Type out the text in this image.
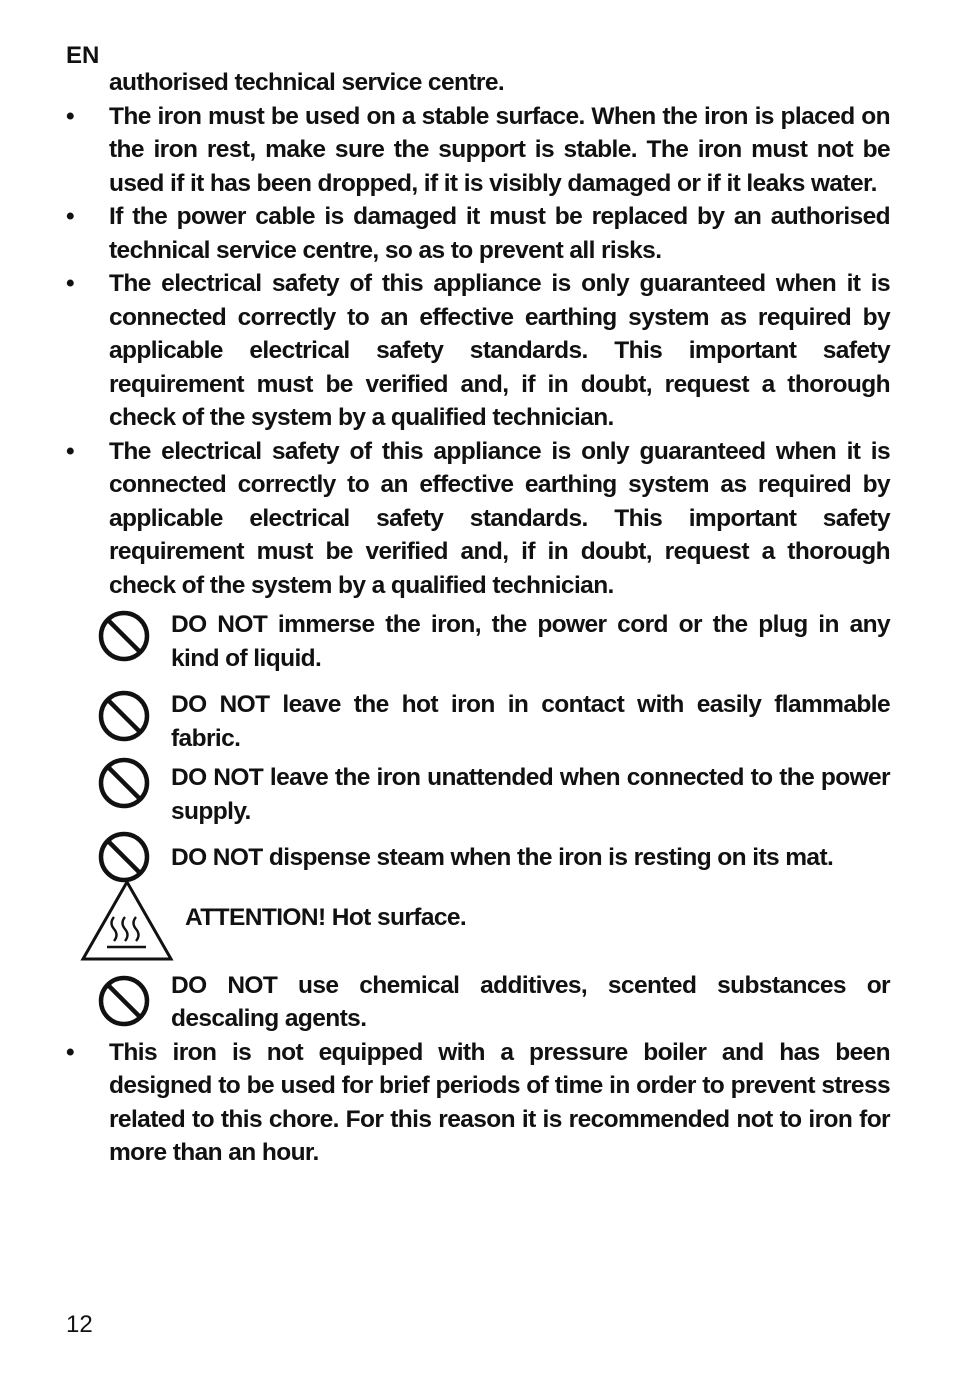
EN

authorised technical service centre.

• The iron must be used on a stable surface. When the iron is placed on the iron rest, make sure the support is stable. The iron must not be used if it has been dropped, if it is visibly damaged or if it leaks water.

• If the power cable is damaged it must be replaced by an authorised technical service centre, so as to prevent all risks.

• The electrical safety of this appliance is only guaranteed when it is connected correctly to an effective earthing system as required by applicable electrical safety standards. This important safety requirement must be verified and, if in doubt, request a thorough check of the system by a qualified technician.

• The electrical safety of this appliance is only guaranteed when it is connected correctly to an effective earthing system as required by applicable electrical safety standards. This important safety requirement must be verified and, if in doubt, request a thorough check of the system by a qualified technician.

DO NOT immerse the iron, the power cord or the plug in any kind of liquid.

DO NOT leave the hot iron in contact with easily flammable fabric.

DO NOT leave the iron unattended when connected to the power supply.

DO NOT dispense steam when the iron is resting on its mat.

ATTENTION! Hot surface.

DO NOT use chemical additives, scented substances or descaling agents.

• This iron is not equipped with a pressure boiler and has been designed to be used for brief periods of time in order to prevent stress related to this chore. For this reason it is recommended not to iron for more than an hour.

12
